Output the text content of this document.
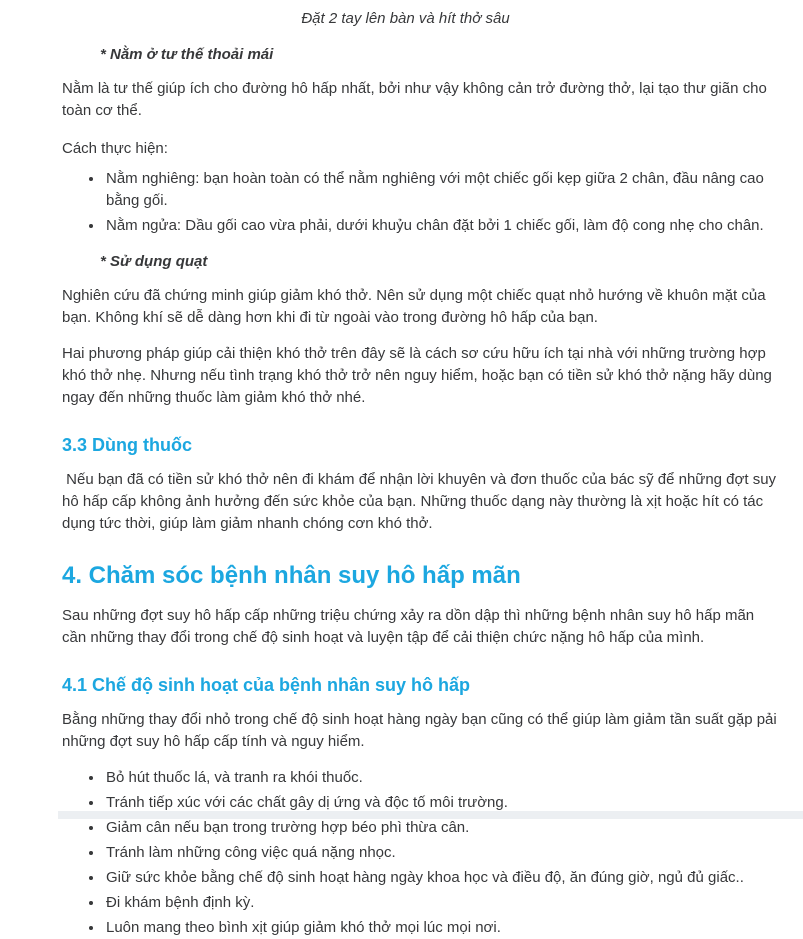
Đặt 2 tay lên bàn và hít thở sâu
* Nằm ở tư thế thoải mái

Nằm là tư thế giúp ích cho đường hô hấp nhất, bởi như vậy không cản trở đường thở, lại tạo thư giãn cho toàn cơ thể.

Cách thực hiện:
• Nằm nghiêng: bạn hoàn toàn có thể nằm nghiêng với một chiếc gối kẹp giữa 2 chân, đầu nâng cao bằng gối.
• Nằm ngửa: Dầu gối cao vừa phải, dưới khuỷu chân đặt bởi 1 chiếc gối, làm độ cong nhẹ cho chân.
* Sử dụng quạt

Nghiên cứu đã chứng minh giúp giảm khó thở. Nên sử dụng một chiếc quạt nhỏ hướng về khuôn mặt của bạn. Không khí sẽ dễ dàng hơn khi đi từ ngoài vào trong đường hô hấp của bạn.

Hai phương pháp giúp cải thiện khó thở trên đây sẽ là cách sơ cứu hữu ích tại nhà với những trường hợp khó thở nhẹ. Nhưng nếu tình trạng khó thở trở nên nguy hiểm, hoặc bạn có tiền sử khó thở nặng hãy dùng ngay đến những thuốc làm giảm khó thở nhé.

3.3 Dùng thuốc

Nếu bạn đã có tiền sử khó thở nên đi khám để nhận lời khuyên và đơn thuốc của bác sỹ để những đợt suy hô hấp cấp không ảnh hưởng đến sức khỏe của bạn. Những thuốc dạng này thường là xịt hoặc hít có tác dụng tức thời, giúp làm giảm nhanh chóng cơn khó thở.

4. Chăm sóc bệnh nhân suy hô hấp mãn

Sau những đợt suy hô hấp cấp những triệu chứng xảy ra dồn dập thì những bệnh nhân suy hô hấp mãn cần những thay đổi trong chế độ sinh hoạt và luyện tập để cải thiện chức nặng hô hấp của mình.

4.1 Chế độ sinh hoạt của bệnh nhân suy hô hấp

Bằng những thay đổi nhỏ trong chế độ sinh hoạt hàng ngày bạn cũng có thể giúp làm giảm tần suất gặp pải những đợt suy hô hấp cấp tính và nguy hiểm.

• Bỏ hút thuốc lá, và tranh ra khói thuốc.
• Tránh tiếp xúc với các chất gây dị ứng và độc tố môi trường.
• Giảm cân nếu bạn trong trường hợp béo phì thừa cân.
• Tránh làm những công việc quá nặng nhọc.
• Giữ sức khỏe bằng chế độ sinh hoạt hàng ngày khoa học và điều độ, ăn đúng giờ, ngủ đủ giấc..
• Đi khám bệnh định kỳ.
• Luôn mang theo bình xịt giúp giảm khó thở mọi lúc mọi nơi.
